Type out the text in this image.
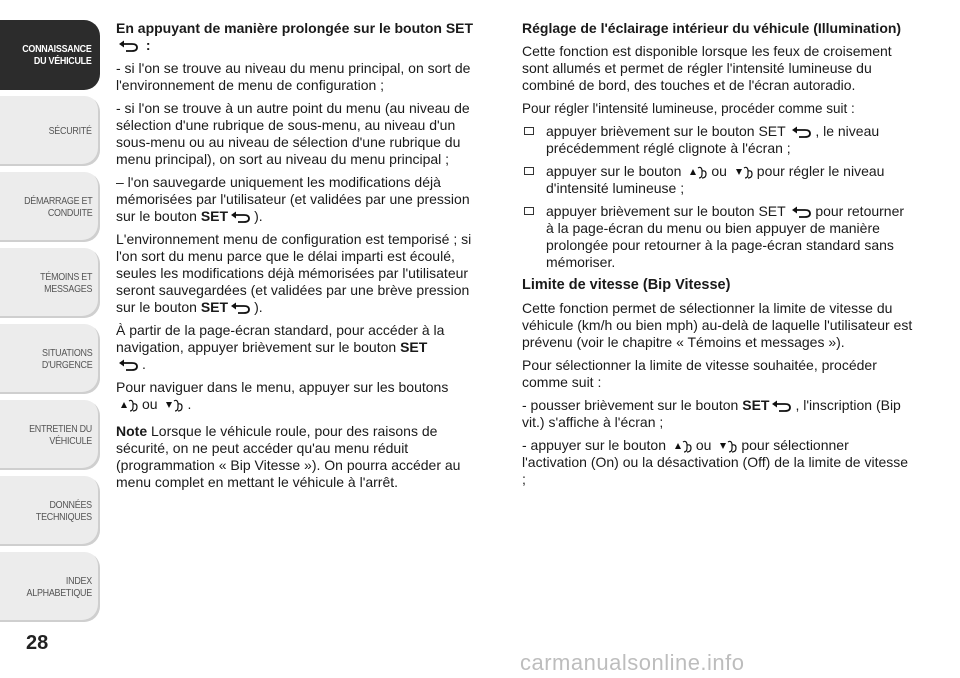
CONNAISSANCE
DU VÉHICULE
SÉCURITÉ
DÉMARRAGE ET
CONDUITE
TÉMOINS ET
MESSAGES
SITUATIONS
D'URGENCE
ENTRETIEN DU
VÉHICULE
DONNÉES
TECHNIQUES
INDEX
ALPHABETIQUE
28

En appuyant de manière prolongée sur le bouton SET  :

- si l'on se trouve au niveau du menu principal, on sort de l'environnement de menu de configuration ;

- si l'on se trouve à un autre point du menu (au niveau de sélection d'une rubrique de sous-menu, au niveau d'un sous-menu ou au niveau de sélection d'une rubrique du menu principal), on sort au niveau du menu principal ;

– l'on sauvegarde uniquement les modifications déjà mémorisées par l'utilisateur (et validées par une pression sur le bouton SET ).

L'environnement menu de configuration est temporisé ; si l'on sort du menu parce que le délai imparti est écoulé, seules les modifications déjà mémorisées par l'utilisateur seront sauvegardées (et validées par une brève pression sur le bouton SET ).

À partir de la page-écran standard, pour accéder à la navigation, appuyer brièvement sur le bouton SET
.

Pour naviguer dans le menu, appuyer sur les boutons
ou .

Note Lorsque le véhicule roule, pour des raisons de sécurité, on ne peut accéder qu'au menu réduit (programmation « Bip Vitesse »). On pourra accéder au menu complet en mettant le véhicule à l'arrêt.

Réglage de l'éclairage intérieur du véhicule (Illumination)

Cette fonction est disponible lorsque les feux de croisement sont allumés et permet de régler l'intensité lumineuse du combiné de bord, des touches et de l'écran autoradio.

Pour régler l'intensité lumineuse, procéder comme suit :

appuyer brièvement sur le bouton SET , le niveau précédemment réglé clignote à l'écran ;
appuyer sur le bouton ou pour régler le niveau d'intensité lumineuse ;
appuyer brièvement sur le bouton SET pour retourner à la page-écran du menu ou bien appuyer de manière prolongée pour retourner à la page-écran standard sans mémoriser.

Limite de vitesse (Bip Vitesse)

Cette fonction permet de sélectionner la limite de vitesse du véhicule (km/h ou bien mph) au-delà de laquelle l'utilisateur est prévenu (voir le chapitre « Témoins et messages »).

Pour sélectionner la limite de vitesse souhaitée, procéder comme suit :

- pousser brièvement sur le bouton SET , l'inscription (Bip vit.) s'affiche à l'écran ;

- appuyer sur le bouton ou pour sélectionner l'activation (On) ou la désactivation (Off) de la limite de vitesse ;

carmanualsonline.info
